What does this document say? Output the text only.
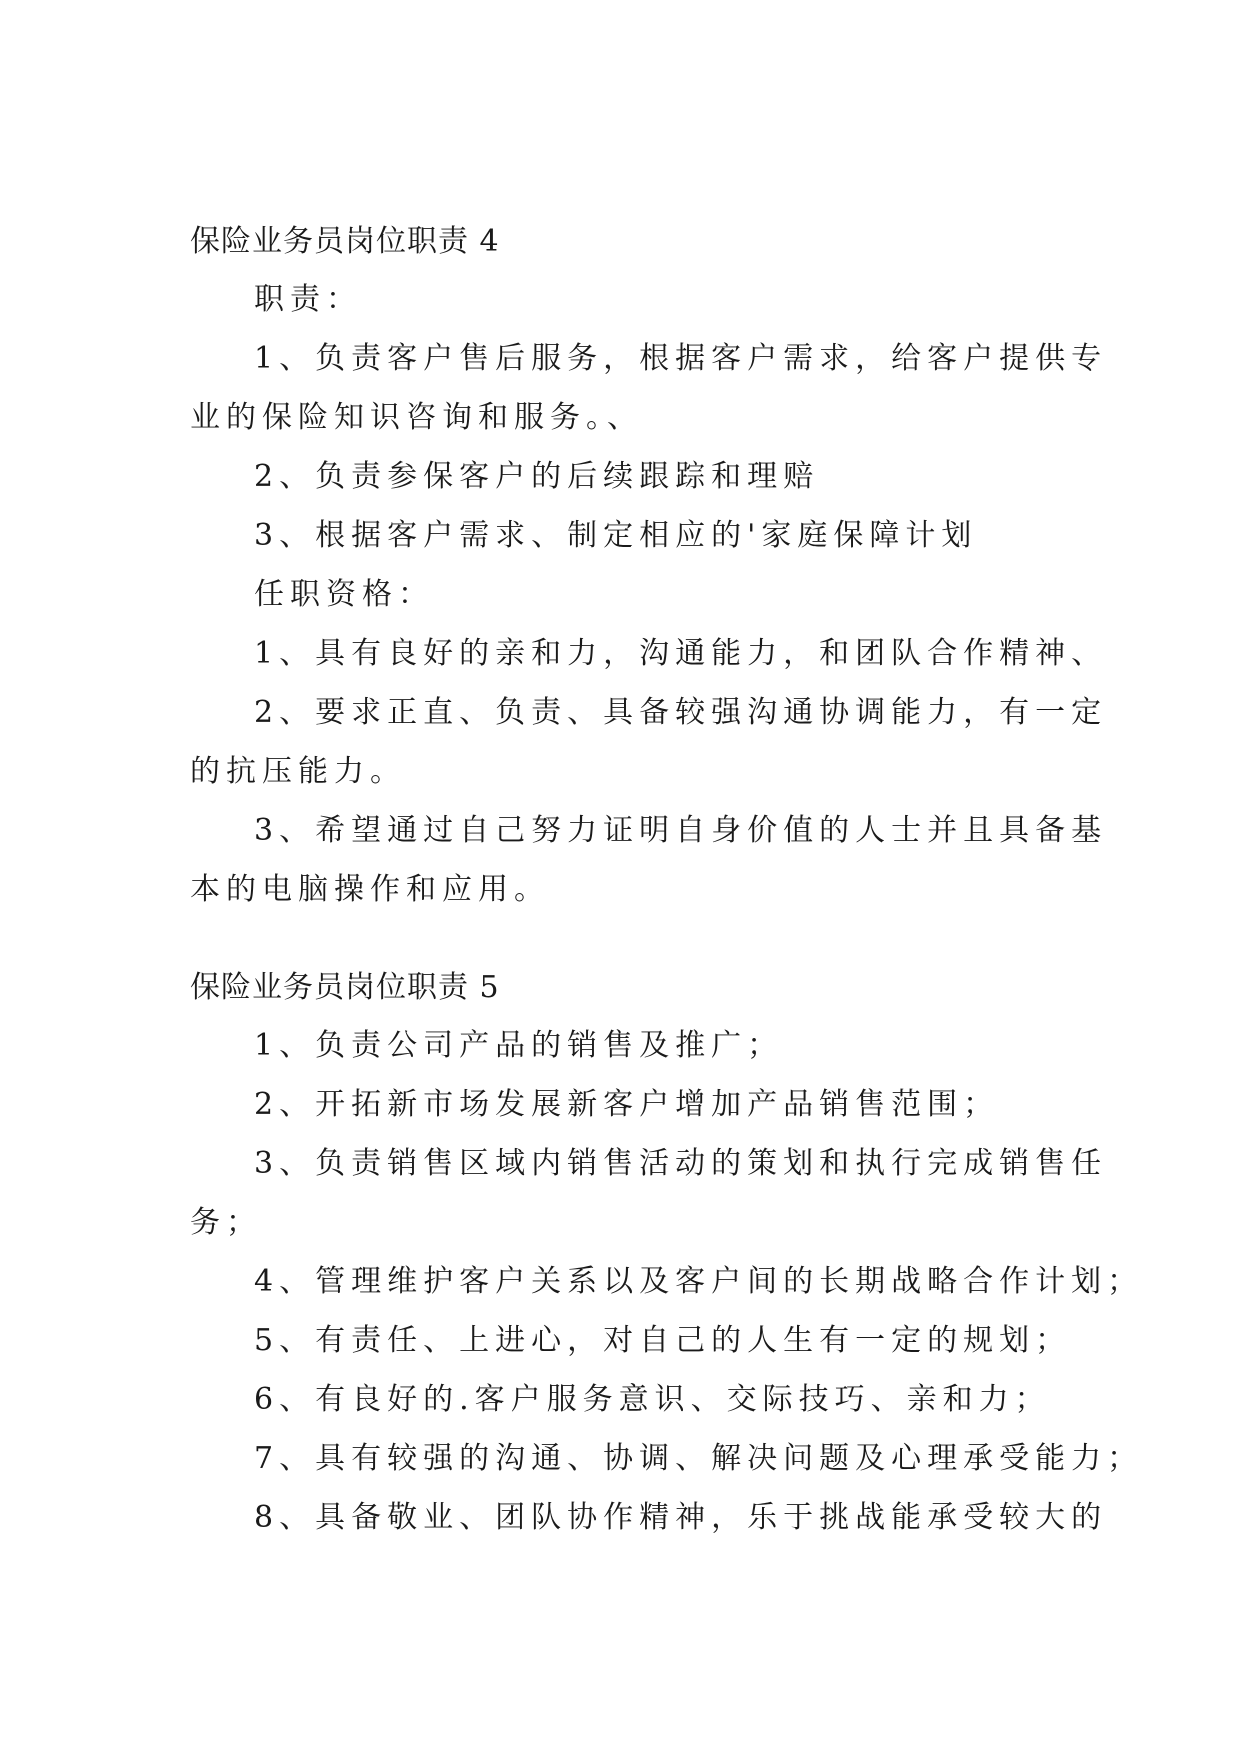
保险业务员岗位职责 4
职责：
1、负责客户售后服务，根据客户需求，给客户提供专
业的保险知识咨询和服务。、
2、负责参保客户的后续跟踪和理赔
3、根据客户需求、制定相应的'家庭保障计划
任职资格：
1、具有良好的亲和力，沟通能力，和团队合作精神、
2、要求正直、负责、具备较强沟通协调能力，有一定
的抗压能力。
3、希望通过自己努力证明自身价值的人士并且具备基
本的电脑操作和应用。
保险业务员岗位职责 5
1、负责公司产品的销售及推广；
2、开拓新市场发展新客户增加产品销售范围；
3、负责销售区域内销售活动的策划和执行完成销售任
务；
4、管理维护客户关系以及客户间的长期战略合作计划；
5、有责任、上进心，对自己的人生有一定的规划；
6、有良好的.客户服务意识、交际技巧、亲和力；
7、具有较强的沟通、协调、解决问题及心理承受能力；
8、具备敬业、团队协作精神，乐于挑战能承受较大的
